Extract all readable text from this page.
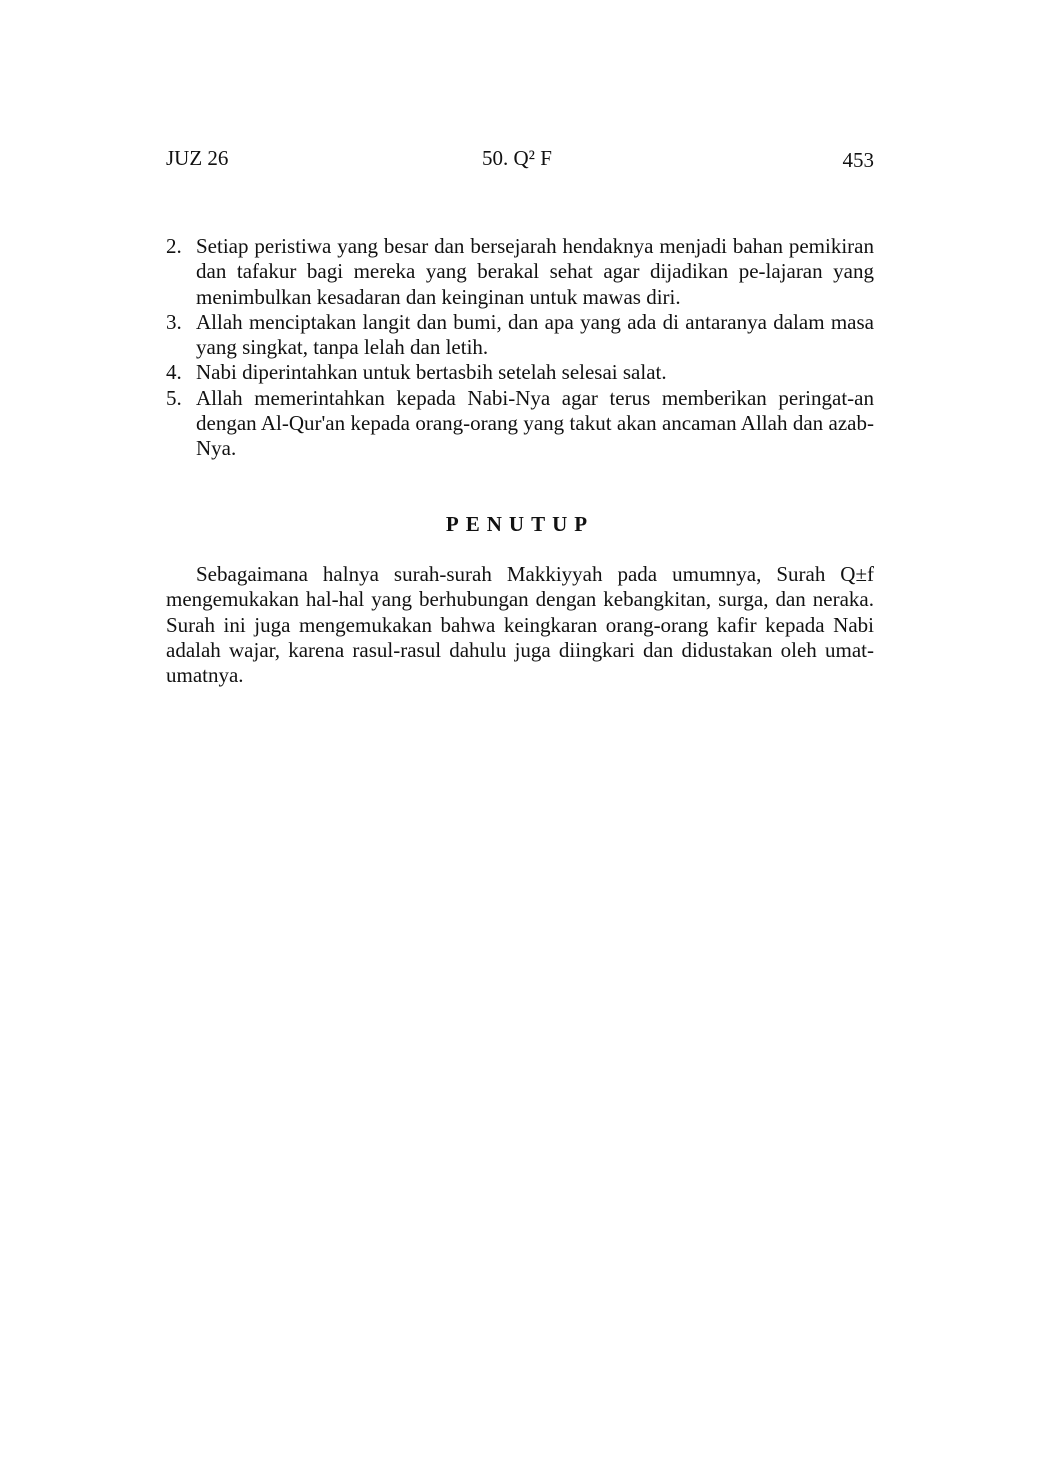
JUZ 26	50. Q² F	453
2. Setiap peristiwa yang besar dan bersejarah hendaknya menjadi bahan pemikiran dan tafakur bagi mereka yang berakal sehat agar dijadikan pe-lajaran yang menimbulkan kesadaran dan keinginan untuk mawas diri.
3. Allah menciptakan langit dan bumi, dan apa yang ada di antaranya dalam masa yang singkat, tanpa lelah dan letih.
4. Nabi diperintahkan untuk bertasbih setelah selesai salat.
5. Allah memerintahkan kepada Nabi-Nya agar terus memberikan peringat-an dengan Al-Qur'an kepada orang-orang yang takut akan ancaman Allah dan azab-Nya.
PENUTUP

Sebagaimana halnya surah-surah Makkiyyah pada umumnya, Surah Q±f mengemukakan hal-hal yang berhubungan dengan kebangkitan, surga, dan neraka. Surah ini juga mengemukakan bahwa keingkaran orang-orang kafir kepada Nabi adalah wajar, karena rasul-rasul dahulu juga diingkari dan didustakan oleh umat-umatnya.
